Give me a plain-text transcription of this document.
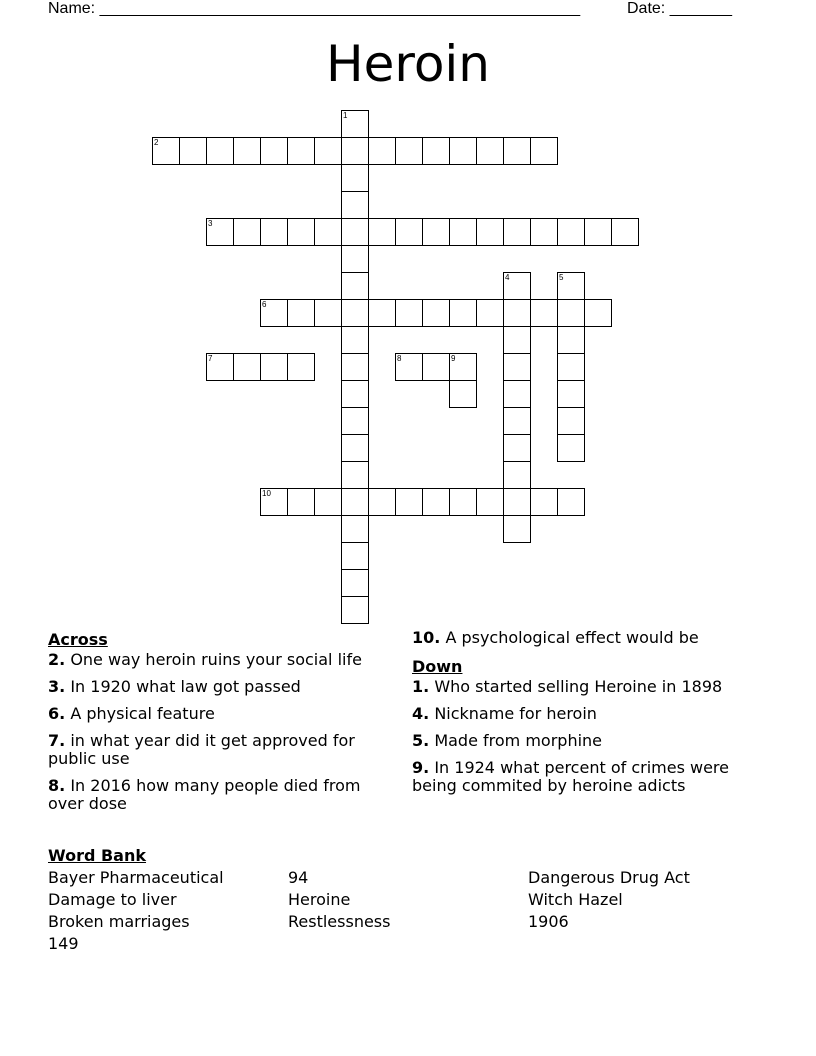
Name: ______________________________________________________	Date: _______
Heroin
1
2
3
4	5
6
7	8	9
10
Across
2. One way heroin ruins your social life
3. In 1920 what law got passed
6. A physical feature
7. in what year did it get approved for public use
8. In 2016 how many people died from over dose
10. A psychological effect would be
Down
1. Who started selling Heroine in 1898
4. Nickname for heroin
5. Made from morphine
9. In 1924 what percent of crimes were being commited by heroine adicts
Word Bank
Bayer Pharmaceutical	94	Dangerous Drug Act
Damage to liver	Heroine	Witch Hazel
Broken marriages	Restlessness	1906
149
